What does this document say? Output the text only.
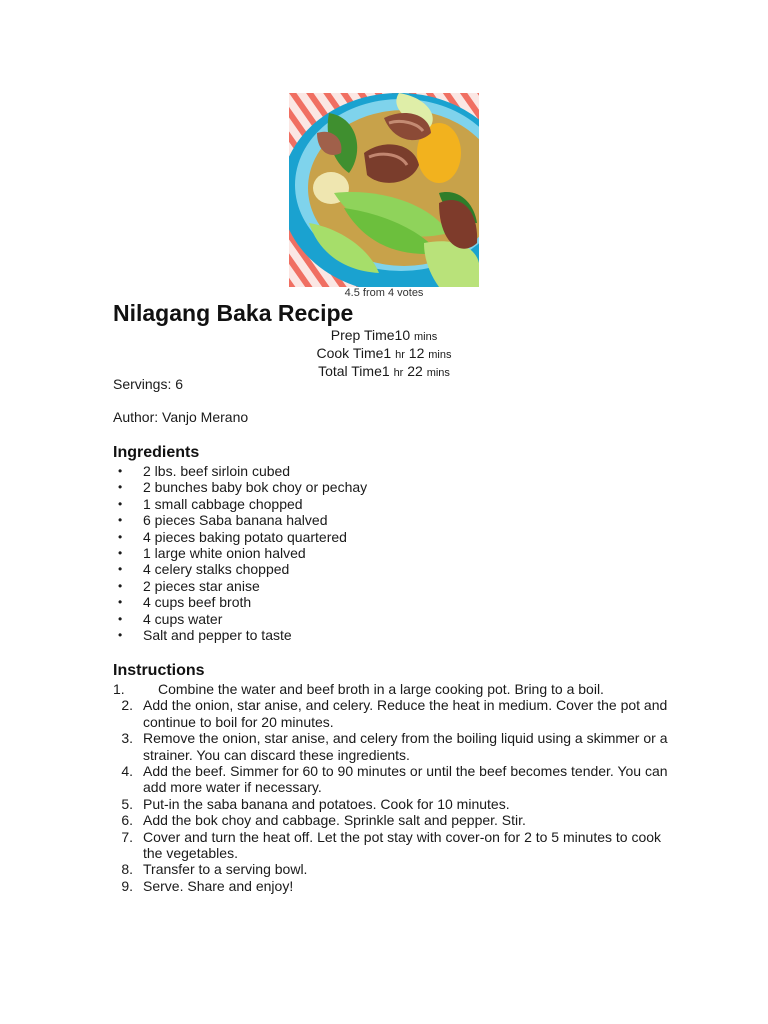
4.5 from 4 votes
Nilagang Baka Recipe
Prep Time10 mins
Cook Time1 hr 12 mins
Total Time1 hr 22 mins
Servings: 6
Author: Vanjo Merano
Ingredients
• 2 lbs. beef sirloin cubed
• 2 bunches baby bok choy or pechay
• 1 small cabbage chopped
• 6 pieces Saba banana halved
• 4 pieces baking potato quartered
• 1 large white onion halved
• 4 celery stalks chopped
• 2 pieces star anise
• 4 cups beef broth
• 4 cups water
• Salt and pepper to taste
Instructions
1.	Combine the water and beef broth in a large cooking pot. Bring to a boil.
2. Add the onion, star anise, and celery. Reduce the heat in medium. Cover the pot and continue to boil for 20 minutes.
3. Remove the onion, star anise, and celery from the boiling liquid using a skimmer or a strainer. You can discard these ingredients.
4. Add the beef. Simmer for 60 to 90 minutes or until the beef becomes tender. You can add more water if necessary.
5. Put-in the saba banana and potatoes. Cook for 10 minutes.
6. Add the bok choy and cabbage. Sprinkle salt and pepper. Stir.
7. Cover and turn the heat off. Let the pot stay with cover-on for 2 to 5 minutes to cook the vegetables.
8. Transfer to a serving bowl.
9. Serve. Share and enjoy!
